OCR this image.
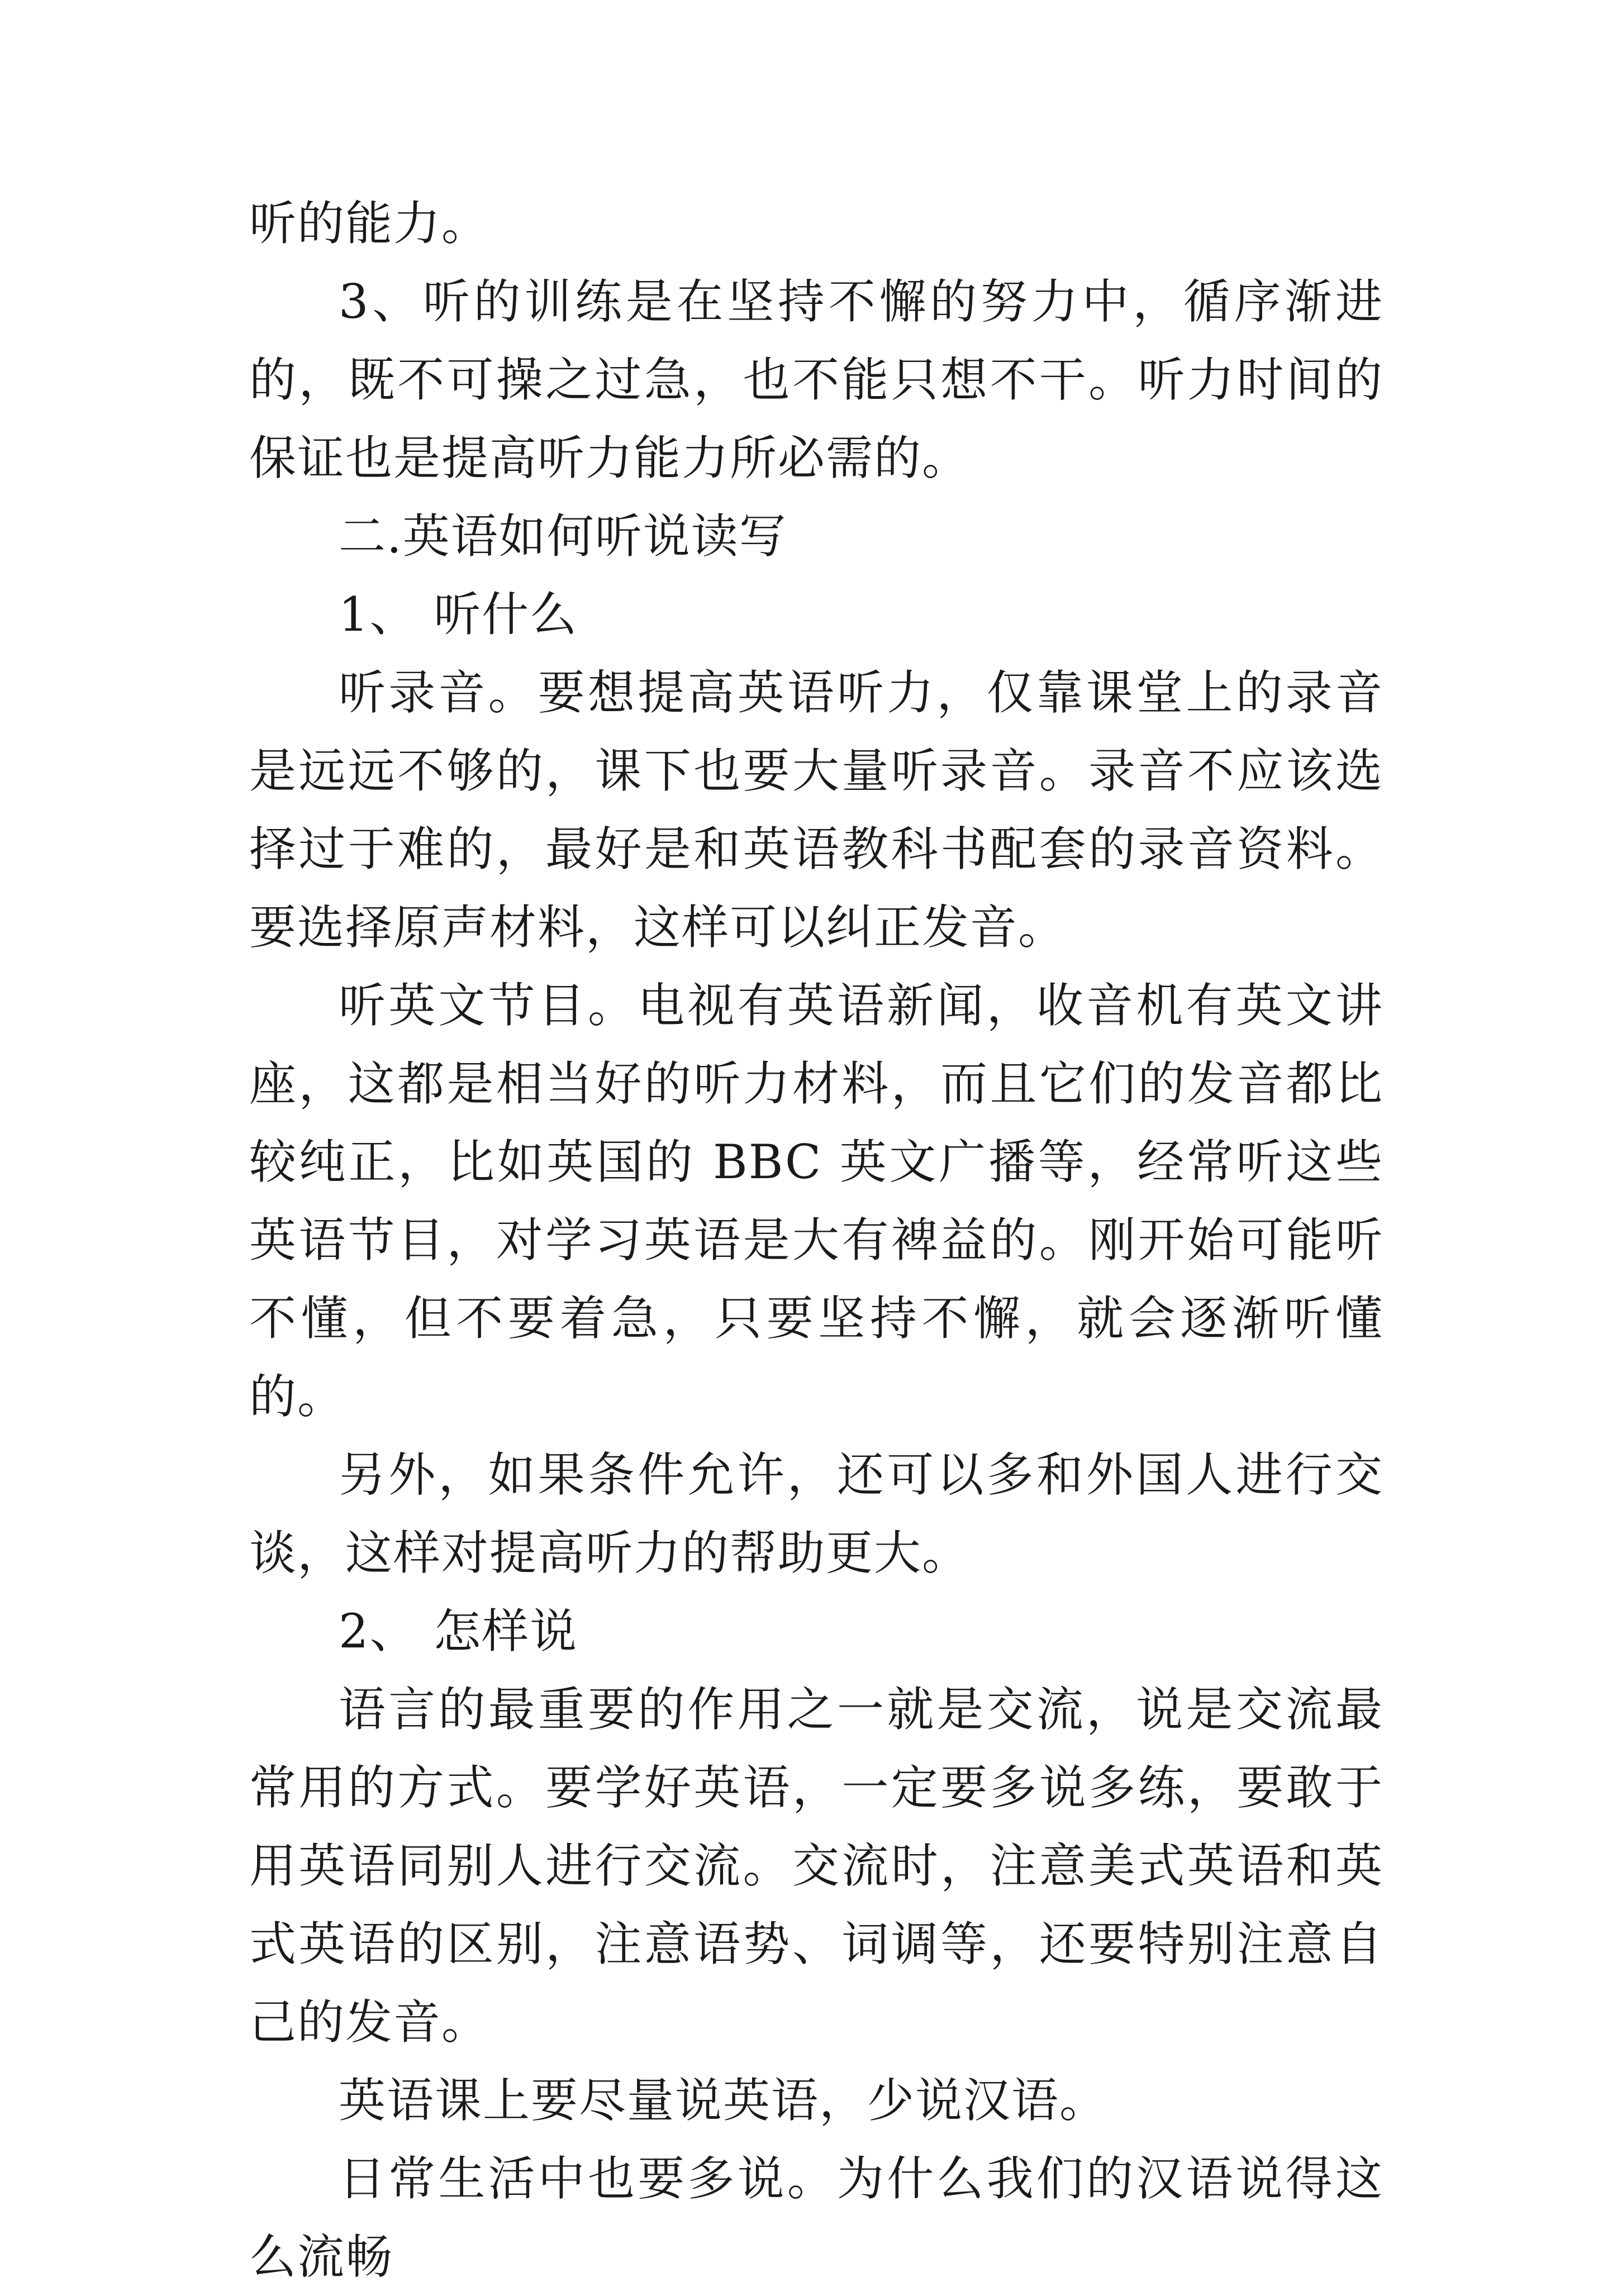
听的能力。

3、听的训练是在坚持不懈的努力中，循序渐进的，既不可操之过急，也不能只想不干。听力时间的保证也是提高听力能力所必需的。

二.英语如何听说读写

1、 听什么

听录音。要想提高英语听力，仅靠课堂上的录音是远远不够的，课下也要大量听录音。录音不应该选择过于难的，最好是和英语教科书配套的录音资料。要选择原声材料，这样可以纠正发音。

听英文节目。电视有英语新闻，收音机有英文讲座，这都是相当好的听力材料，而且它们的发音都比较纯正，比如英国的 BBC 英文广播等，经常听这些英语节目，对学习英语是大有裨益的。刚开始可能听不懂，但不要着急，只要坚持不懈，就会逐渐听懂的。

另外，如果条件允许，还可以多和外国人进行交谈，这样对提高听力的帮助更大。

2、 怎样说

语言的最重要的作用之一就是交流，说是交流最常用的方式。要学好英语，一定要多说多练，要敢于用英语同别人进行交流。交流时，注意美式英语和英式英语的区别，注意语势、词调等，还要特别注意自己的发音。

英语课上要尽量说英语，少说汉语。

日常生活中也要多说。为什么我们的汉语说得这么流畅
